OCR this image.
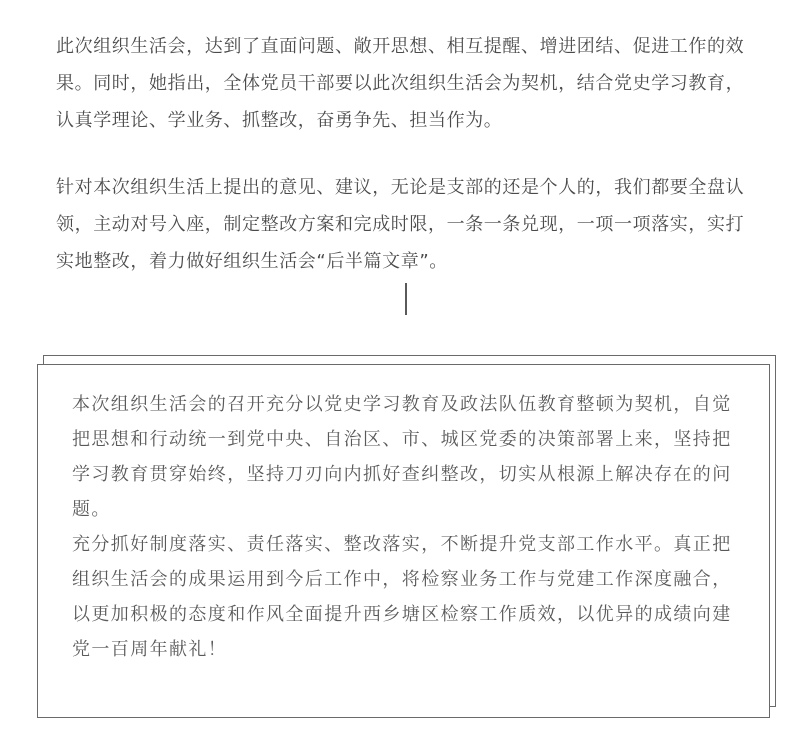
此次组织生活会，达到了直面问题、敞开思想、相互提醒、增进团结、促进工作的效果。同时，她指出，全体党员干部要以此次组织生活会为契机，结合党史学习教育，认真学理论、学业务、抓整改，奋勇争先、担当作为。

针对本次组织生活上提出的意见、建议，无论是支部的还是个人的，我们都要全盘认领，主动对号入座，制定整改方案和完成时限，一条一条兑现，一项一项落实，实打实地整改，着力做好组织生活会“后半篇文章”。

本次组织生活会的召开充分以党史学习教育及政法队伍教育整顿为契机，自觉把思想和行动统一到党中央、自治区、市、城区党委的决策部署上来，坚持把学习教育贯穿始终，坚持刀刃向内抓好查纠整改，切实从根源上解决存在的问题。

充分抓好制度落实、责任落实、整改落实，不断提升党支部工作水平。真正把组织生活会的成果运用到今后工作中，将检察业务工作与党建工作深度融合，以更加积极的态度和作风全面提升西乡塘区检察工作质效，以优异的成绩向建党一百周年献礼！
